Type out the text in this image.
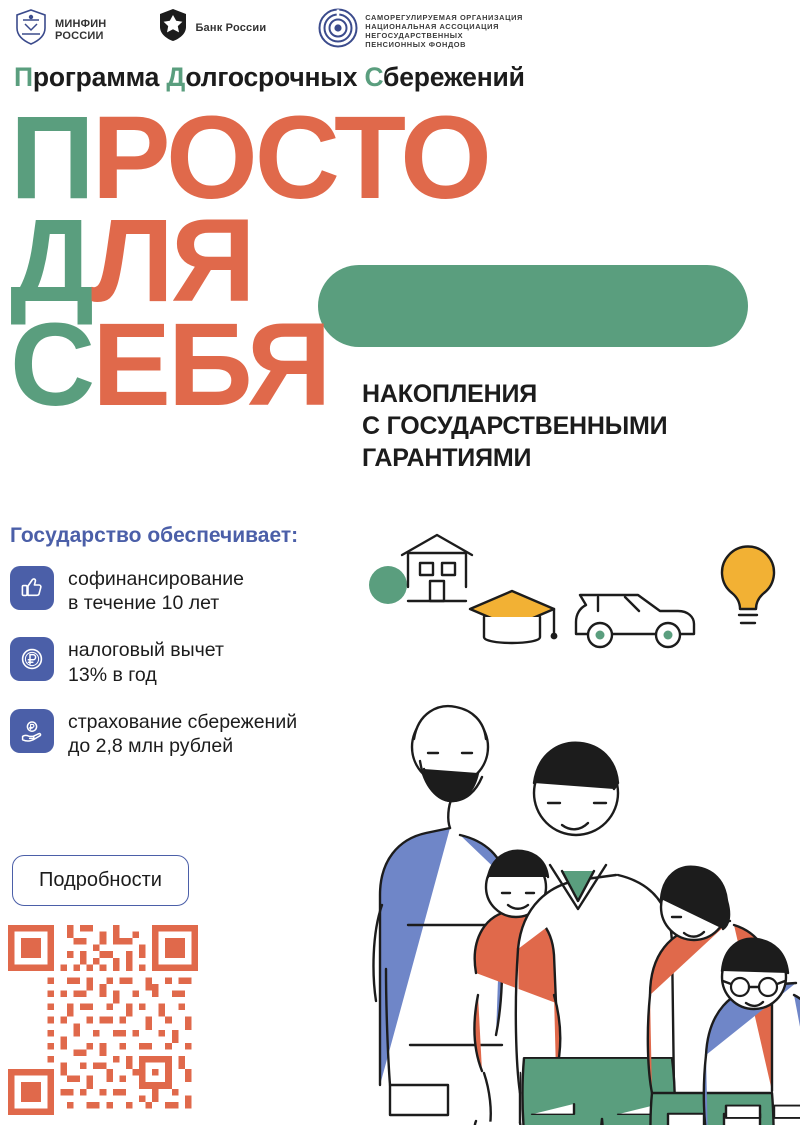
МИНФИН
РОССИИ
Банк России
САМОРЕГУЛИРУЕМАЯ ОРГАНИЗАЦИЯ
НАЦИОНАЛЬНАЯ АССОЦИАЦИЯ
НЕГОСУДАРСТВЕННЫХ
ПЕНСИОННЫХ ФОНДОВ
Программа Долгосрочных Сбережений
ПРОСТО
ДЛЯ
СЕБЯ	НАКОПЛЕНИЯ
С ГОСУДАРСТВЕННЫМИ
ГАРАНТИЯМИ
Государство обеспечивает:
софинансирование
в течение 10 лет
налоговый вычет
13% в год
страхование сбережений
до 2,8 млн рублей
Подробности
